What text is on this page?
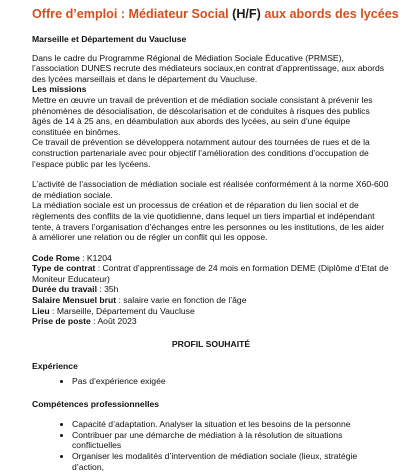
Offre d’emploi : Médiateur Social (H/F) aux abords des lycées
Marseille et Département du Vaucluse

Dans le cadre du Programme Régional de Médiation Sociale Éducative (PRMSE), l’association DUNES recrute des médiateurs sociaux,en contrat d’apprentissage, aux abords des lycées marseillais et dans le département du Vaucluse.

Les missions

Mettre en œuvre un travail de prévention et de médiation sociale consistant à prévenir les phénomènes de désocialisation, de déscolarisation et de conduites à risques des publics âgés de 14 à 25 ans, en déambulation aux abords des lycées, au sein d’une équipe constituée en binômes.

Ce travail de prévention se développera notamment autour des tournées de rues et de la construction partenariale avec pour objectif l’amélioration des conditions d’occupation de l’espace public par les lycéens.

L’activité de l’association de médiation sociale est réalisée conformément à la norme X60-600 de médiation sociale.

La médiation sociale est un processus de création et de réparation du lien social et de règlements des conflits de la vie quotidienne, dans lequel un tiers impartial et indépendant tente, à travers l’organisation d’échanges entre les personnes ou les institutions, de les aider à améliorer une relation ou de régler un conflit qui les oppose.

Code Rome : K1204

Type de contrat : Contrat d’apprentissage de 24 mois en formation DEME (Diplôme d’Etat de Moniteur Educateur)

Durée du travail : 35h

Salaire Mensuel brut : salaire varie en fonction de l’âge

Lieu : Marseille, Département du Vaucluse

Prise de poste : Août 2023

PROFIL SOUHAITÉ
Expérience
• Pas d’expérience exigée
Compétences professionnelles
• Capacité d’adaptation. Analyser la situation et les besoins de la personne
• Contribuer par une démarche de médiation à la résolution de situations conflictuelles
• Organiser les modalités d’intervention de médiation sociale (lieux, stratégie d’action,
